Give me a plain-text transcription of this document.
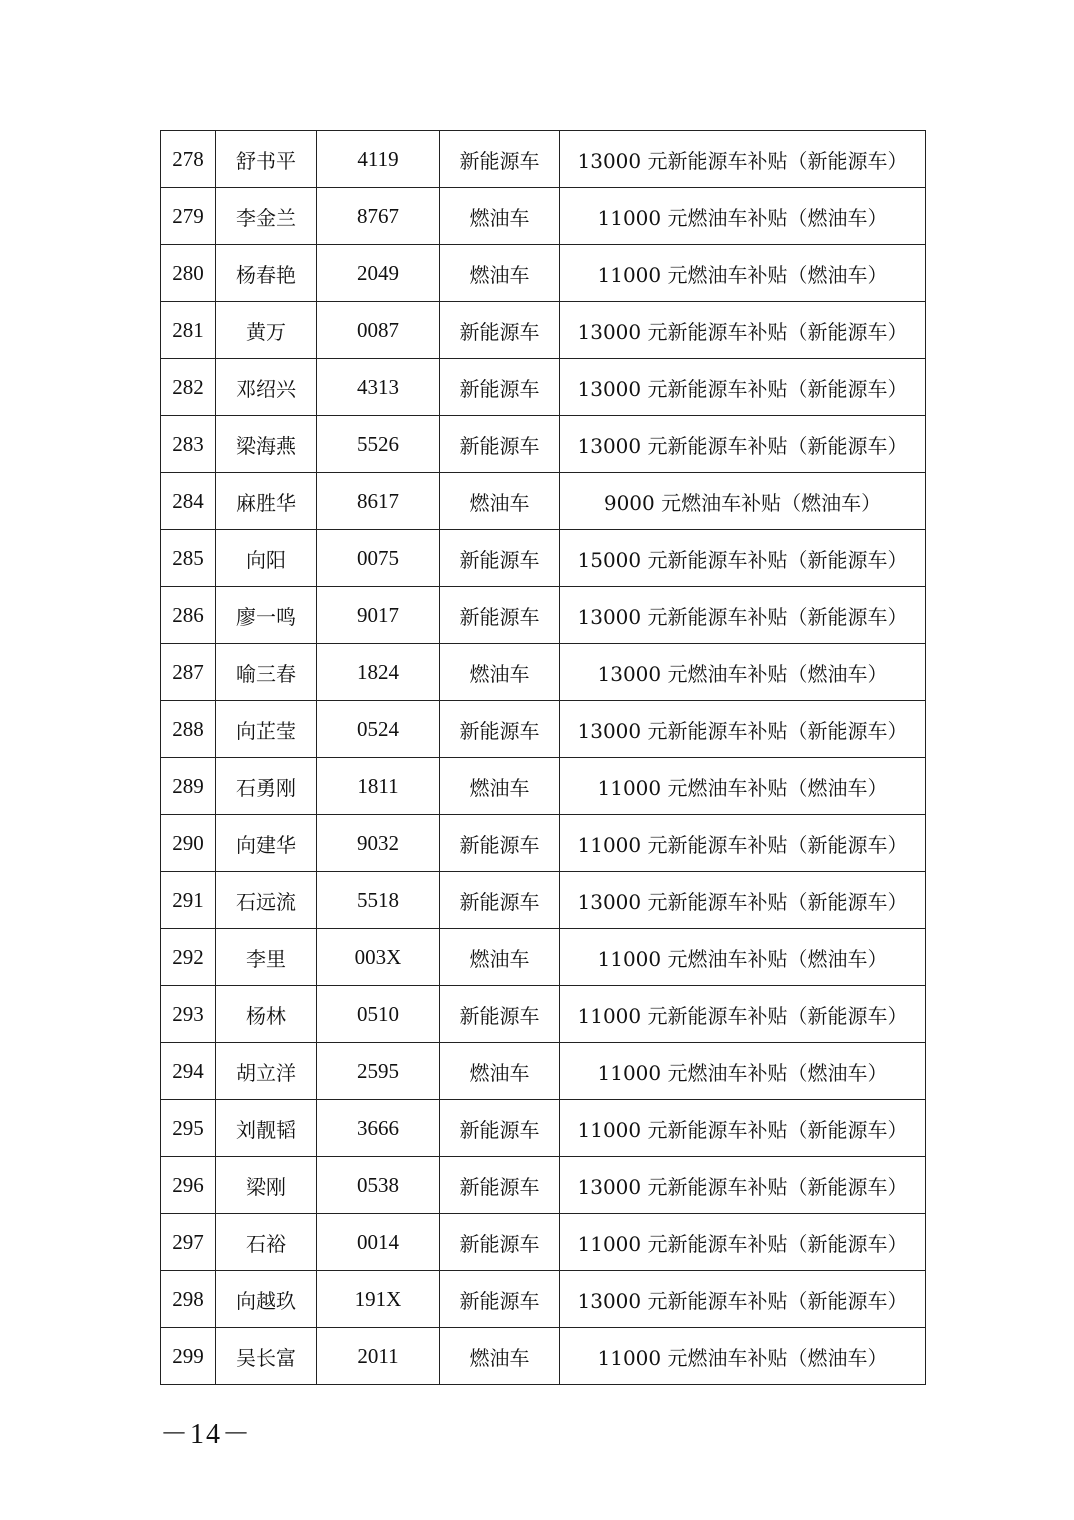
278	舒书平	4119	新能源车	13000 元新能源车补贴（新能源车）
279	李金兰	8767	燃油车	11000 元燃油车补贴（燃油车）
280	杨春艳	2049	燃油车	11000 元燃油车补贴（燃油车）
281	黄万	0087	新能源车	13000 元新能源车补贴（新能源车）
282	邓绍兴	4313	新能源车	13000 元新能源车补贴（新能源车）
283	梁海燕	5526	新能源车	13000 元新能源车补贴（新能源车）
284	麻胜华	8617	燃油车	9000 元燃油车补贴（燃油车）
285	向阳	0075	新能源车	15000 元新能源车补贴（新能源车）
286	廖一鸣	9017	新能源车	13000 元新能源车补贴（新能源车）
287	喻三春	1824	燃油车	13000 元燃油车补贴（燃油车）
288	向芷莹	0524	新能源车	13000 元新能源车补贴（新能源车）
289	石勇刚	1811	燃油车	11000 元燃油车补贴（燃油车）
290	向建华	9032	新能源车	11000 元新能源车补贴（新能源车）
291	石远流	5518	新能源车	13000 元新能源车补贴（新能源车）
292	李里	003X	燃油车	11000 元燃油车补贴（燃油车）
293	杨林	0510	新能源车	11000 元新能源车补贴（新能源车）
294	胡立洋	2595	燃油车	11000 元燃油车补贴（燃油车）
295	刘靓韬	3666	新能源车	11000 元新能源车补贴（新能源车）
296	梁刚	0538	新能源车	13000 元新能源车补贴（新能源车）
297	石裕	0014	新能源车	11000 元新能源车补贴（新能源车）
298	向越玖	191X	新能源车	13000 元新能源车补贴（新能源车）
299	吴长富	2011	燃油车	11000 元燃油车补贴（燃油车）
－14－
